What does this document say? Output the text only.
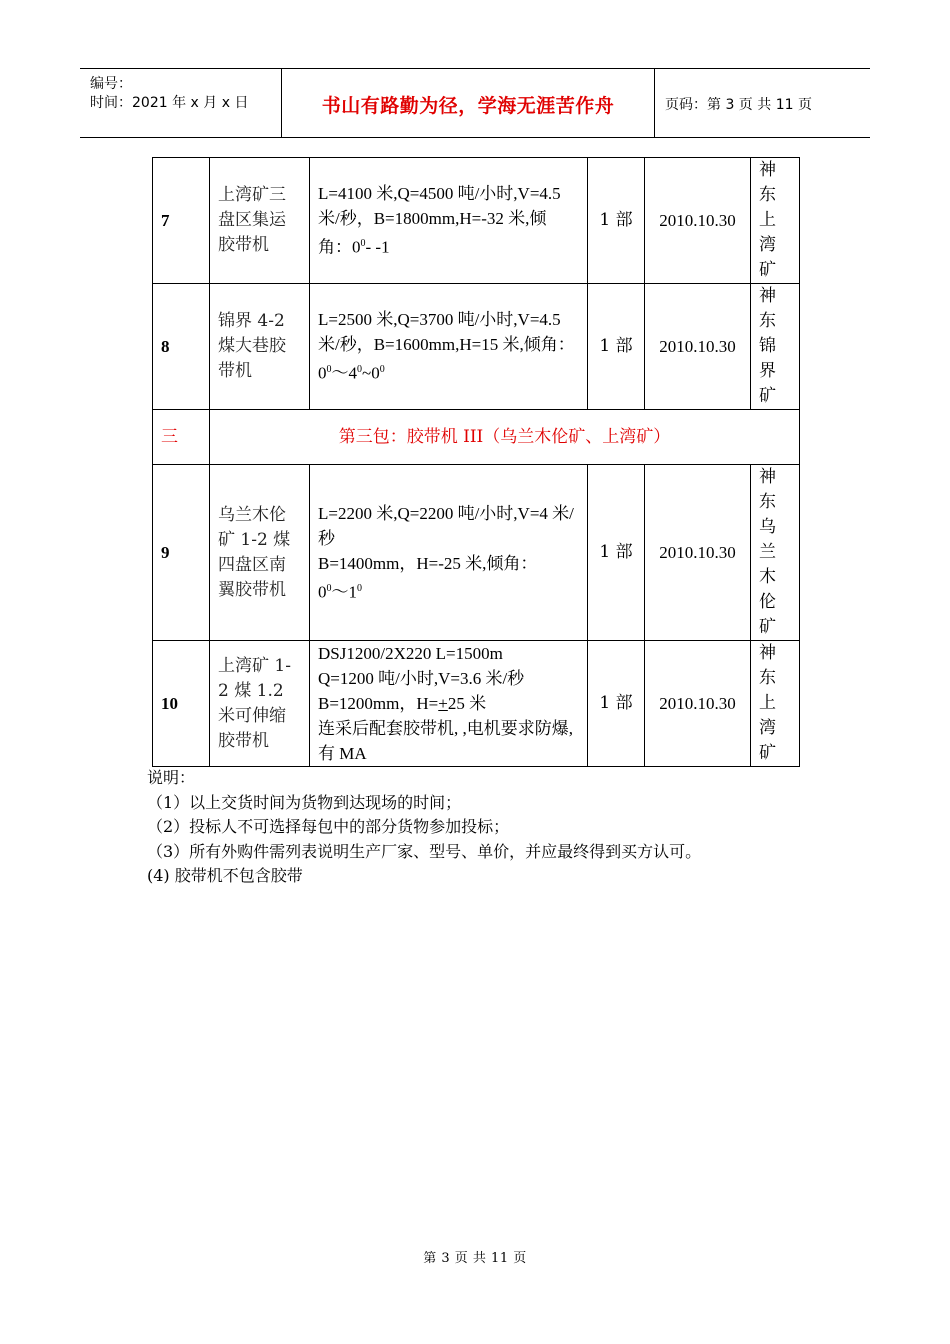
编号：
时间：2021 年 x 月 x 日	书山有路勤为径，学海无涯苦作舟	页码：第 3 页 共 11 页
7	上湾矿三盘区集运胶带机	L=4100 米,Q=4500 吨/小时,V=4.5 米/秒，B=1800mm,H=-32 米,倾角：$0^0-$ -1	1 部	2010.10.30	神东上湾矿

8	锦界 4-2 煤大巷胶带机	L=2500 米,Q=3700 吨/小时,V=4.5 米/秒，B=1600mm,H=15 米,倾角：$0^0\sim 4^0\sim 0^0$	1 部	2010.10.30	神东锦界矿

三	第三包：胶带机 III（乌兰木伦矿、上湾矿）				
9	乌兰木伦矿 1-2 煤四盘区南翼胶带机	L=2200 米,Q=2200 吨/小时,V=4 米/秒
B=1400mm，H=-25 米,倾角：
$0^0\sim 1^0$	1 部	2010.10.30	神东乌兰木伦矿

10	上湾矿 1-2 煤 1.2 米可伸缩胶带机	DSJ1200/2X220 L=1500m
Q=1200 吨/小时,V=3.6 米/秒
B=1200mm，H=+25 米
连采后配套胶带机, ,电机要求防爆,有 MA	1 部	2010.10.30	神东上湾矿
说明：
（1）以上交货时间为货物到达现场的时间；
（2）投标人不可选择每包中的部分货物参加投标；
（3）所有外购件需列表说明生产厂家、型号、单价，并应最终得到买方认可。
(4) 胶带机不包含胶带
第 3 页 共 11 页
